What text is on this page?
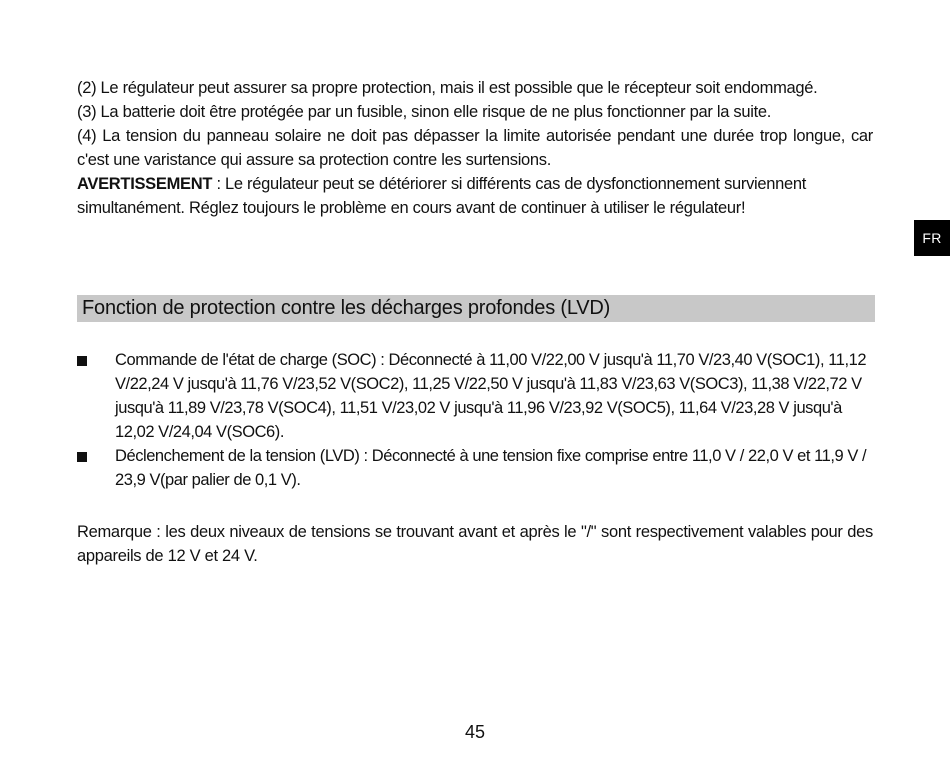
(2) Le régulateur peut assurer sa propre protection, mais il est possible que le récepteur soit endommagé.

(3) La batterie doit être protégée par un fusible, sinon elle risque de ne plus fonctionner par la suite.

(4) La tension du panneau solaire ne doit pas dépasser la limite autorisée pendant une durée trop longue, car c'est une varistance qui assure sa protection contre les surtensions.

AVERTISSEMENT : Le régulateur peut se détériorer si différents cas de dysfonctionnement surviennent simultanément. Réglez toujours le problème en cours avant de continuer à utiliser le régulateur!

Fonction de protection contre les décharges profondes (LVD)
Commande de l'état de charge (SOC) : Déconnecté à 11,00 V/22,00 V jusqu'à 11,70 V/23,40 V(SOC1), 11,12 V/22,24 V jusqu'à 11,76 V/23,52 V(SOC2), 11,25 V/22,50 V jusqu'à 11,83 V/23,63 V(SOC3), 11,38 V/22,72 V jusqu'à 11,89 V/23,78 V(SOC4), 11,51 V/23,02 V jusqu'à 11,96 V/23,92 V(SOC5), 11,64 V/23,28 V jusqu'à 12,02 V/24,04 V(SOC6).
Déclenchement de la tension (LVD) : Déconnecté à une tension fixe comprise entre 11,0 V / 22,0 V et 11,9 V / 23,9 V(par palier de 0,1 V).

Remarque : les deux niveaux de tensions se trouvant avant et après le "/" sont respectivement valables pour des appareils de 12 V et 24 V.

FR
45
